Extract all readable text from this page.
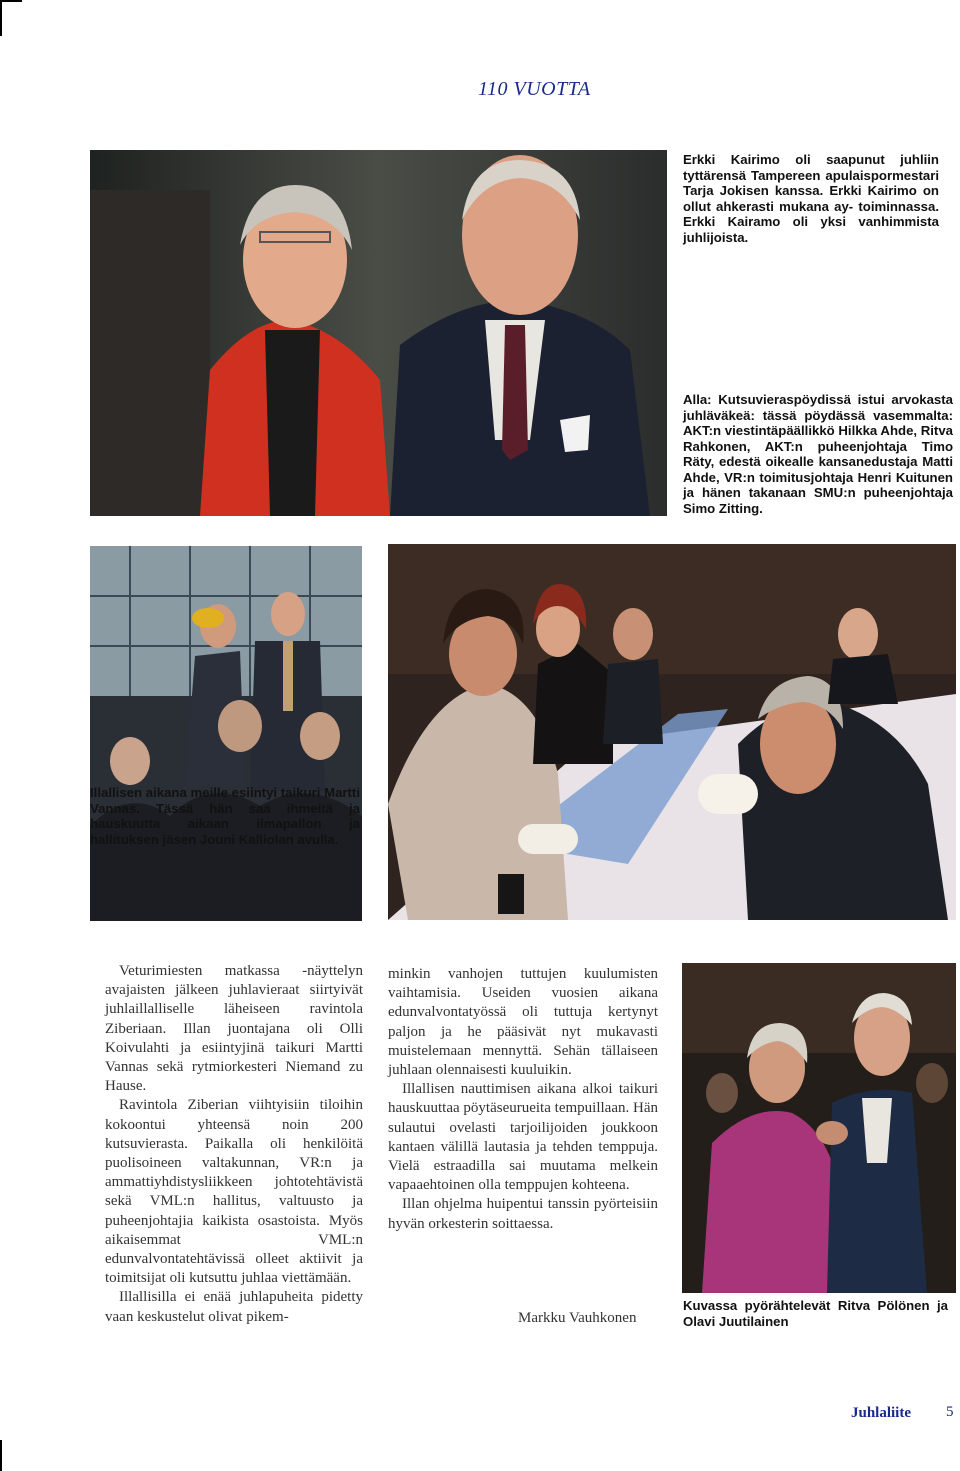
110 VUOTTA

Erkki Kairimo oli saapunut juhliin tyttärensä Tampereen apulaispormestari Tarja Jokisen kanssa. Erkki Kairimo on ollut ahkerasti mukana ay- toiminnassa. Erkki Kairamo oli yksi vanhimmista juhlijoista.

Alla: Kutsuvieraspöydissä istui arvokasta juhläväkeä: tässä pöydässä vasemmalta: AKT:n viestintäpäällikkö Hilkka Ahde, Ritva Rahkonen, AKT:n puheenjohtaja Timo Räty, edestä oikealle kansanedustaja Matti Ahde, VR:n toimitusjohtaja Henri Kuitunen ja hänen takanaan SMU:n puheenjohtaja Simo Zitting.

Illallisen aikana meille esiintyi taikuri Martti Vannas. Tässä hän saa ihmeitä ja hauskuutta aikaan ilmapallon ja hallituksen jäsen Jouni Kalliolan avulla.

Kuvassa pyörähtelevät Ritva Pölönen ja Olavi Juutilainen

Veturimiesten matkassa -näyttelyn avajaisten jälkeen juhlavieraat siirtyivät juhlaillalliselle läheiseen ravintola Ziberiaan. Illan juontajana oli Olli Koivulahti ja esiintyjinä taikuri Martti Vannas sekä rytmiorkesteri Niemand zu Hause.

Ravintola Ziberian viihtyisiin tiloihin kokoontui yhteensä noin 200 kutsuvierasta. Paikalla oli henkilöitä puolisoineen valtakunnan, VR:n ja ammattiyhdistysliikkeen johtotehtävistä sekä VML:n hallitus, valtuusto ja puheenjohtajia kaikista osastoista. Myös aikaisemmat VML:n edunvalvontatehtävissä olleet aktiivit ja toimitsijat oli kutsuttu juhlaa viettämään.

Illallisilla ei enää juhlapuheita pidetty vaan keskustelut olivat pikem-

minkin vanhojen tuttujen kuulumisten vaihtamisia. Useiden vuosien aikana edunvalvontatyössä oli tuttuja kertynyt paljon ja he pääsivät nyt mukavasti muistelemaan mennyttä. Sehän tällaiseen juhlaan olennaisesti kuuluikin.

Illallisen nauttimisen aikana alkoi taikuri hauskuuttaa pöytäseurueita tempuillaan. Hän sulautui ovelasti tarjoilijoiden joukkoon kantaen välillä lautasia ja tehden temppuja. Vielä estraadilla sai muutama melkein vapaaehtoinen olla temppujen kohteena.

Illan ohjelma huipentui tanssin pyörteisiin hyvän orkesterin soittaessa.

Markku Vauhkonen
Juhlaliite 5
